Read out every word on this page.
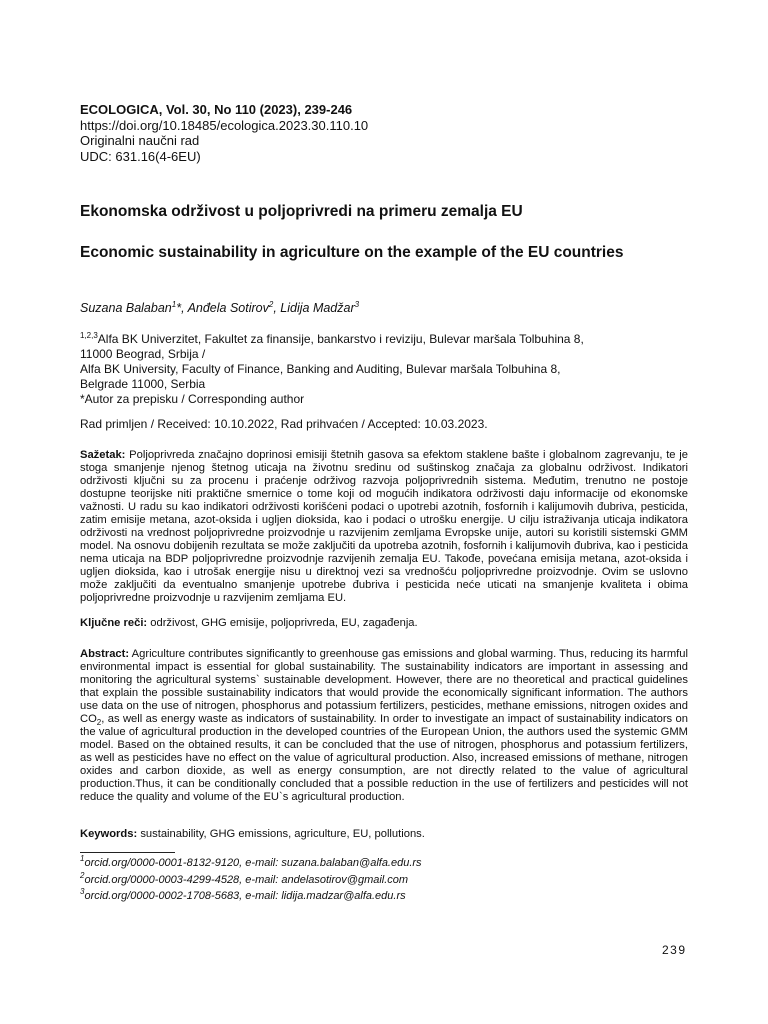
ECOLOGICA, Vol. 30, No 110 (2023), 239-246
https://doi.org/10.18485/ecologica.2023.30.110.10
Originalni naučni rad
UDC: 631.16(4-6EU)
Ekonomska održivost u poljoprivredi na primeru zemalja EU
Economic sustainability in agriculture on the example of the EU countries
Suzana Balaban$^1$*, Anđela Sotirov$^2$, Lidija Madžar$^3$
$^{1,2,3}$Alfa BK Univerzitet, Fakultet za finansije, bankarstvo i reviziju, Bulevar maršala Tolbuhina 8,
11000 Beograd, Srbija /
Alfa BK University, Faculty of Finance, Banking and Auditing, Bulevar maršala Tolbuhina 8,
Belgrade 11000, Serbia
*Autor za prepisku / Corresponding author
Rad primljen / Received: 10.10.2022, Rad prihvaćen / Accepted: 10.03.2023.
Sažetak: Poljoprivreda značajno doprinosi emisiji štetnih gasova sa efektom staklene bašte i globalnom zagrevanju, te je stoga smanjenje njenog štetnog uticaja na životnu sredinu od suštinskog značaja za globalnu održivost. Indikatori održivosti ključni su za procenu i praćenje održivog razvoja poljoprivrednih sistema. Međutim, trenutno ne postoje dostupne teorijske niti praktične smernice o tome koji od mogućih indikatora održivosti daju informacije od ekonomske važnosti. U radu su kao indikatori održivosti korišćeni podaci o upotrebi azotnih, fosfornih i kalijumovih đubriva, pesticida, zatim emisije metana, azot-oksida i ugljen dioksida, kao i podaci o utrošku energije. U cilju istraživanja uticaja indikatora održivosti na vrednost poljoprivredne proizvodnje u razvijenim zemljama Evropske unije, autori su koristili sistemski GMM model. Na osnovu dobijenih rezultata se može zaključiti da upotreba azotnih, fosfornih i kalijumovih đubriva, kao i pesticida nema uticaja na BDP poljoprivredne proizvodnje razvijenih zemalja EU. Takođe, povećana emisija metana, azot-oksida i ugljen dioksida, kao i utrošak energije nisu u direktnoj vezi sa vrednošću poljoprivredne proizvodnje. Ovim se uslovno može zaključiti da eventualno smanjenje upotrebe đubriva i pesticida neće uticati na smanjenje kvaliteta i obima poljoprivredne proizvodnje u razvijenim zemljama EU.
Ključne reči: održivost, GHG emisije, poljoprivreda, EU, zagađenja.
Abstract: Agriculture contributes significantly to greenhouse gas emissions and global warming. Thus, reducing its harmful environmental impact is essential for global sustainability. The sustainability indicators are important in assessing and monitoring the agricultural systems` sustainable development. However, there are no theoretical and practical guidelines that explain the possible sustainability indicators that would provide the economically significant information. The authors use data on the use of nitrogen, phosphorus and potassium fertilizers, pesticides, methane emissions, nitrogen oxides and $CO_2$, as well as energy waste as indicators of sustainability. In order to investigate an impact of sustainability indicators on the value of agricultural production in the developed countries of the European Union, the authors used the systemic GMM model. Based on the obtained results, it can be concluded that the use of nitrogen, phosphorus and potassium fertilizers, as well as pesticides have no effect on the value of agricultural production. Also, increased emissions of methane, nitrogen oxides and carbon dioxide, as well as energy consumption, are not directly related to the value of agricultural production.Thus, it can be conditionally concluded that a possible reduction in the use of fertilizers and pesticides will not reduce the quality and volume of the EU`s agricultural production.
Keywords: sustainability, GHG emissions, agriculture, EU, pollutions.
$^1$orcid.org/0000-0001-8132-9120, e-mail: suzana.balaban@alfa.edu.rs
$^2$orcid.org/0000-0003-4299-4528, e-mail: andelasotirov@gmail.com
$^3$orcid.org/0000-0002-1708-5683, e-mail: lidija.madzar@alfa.edu.rs
239
